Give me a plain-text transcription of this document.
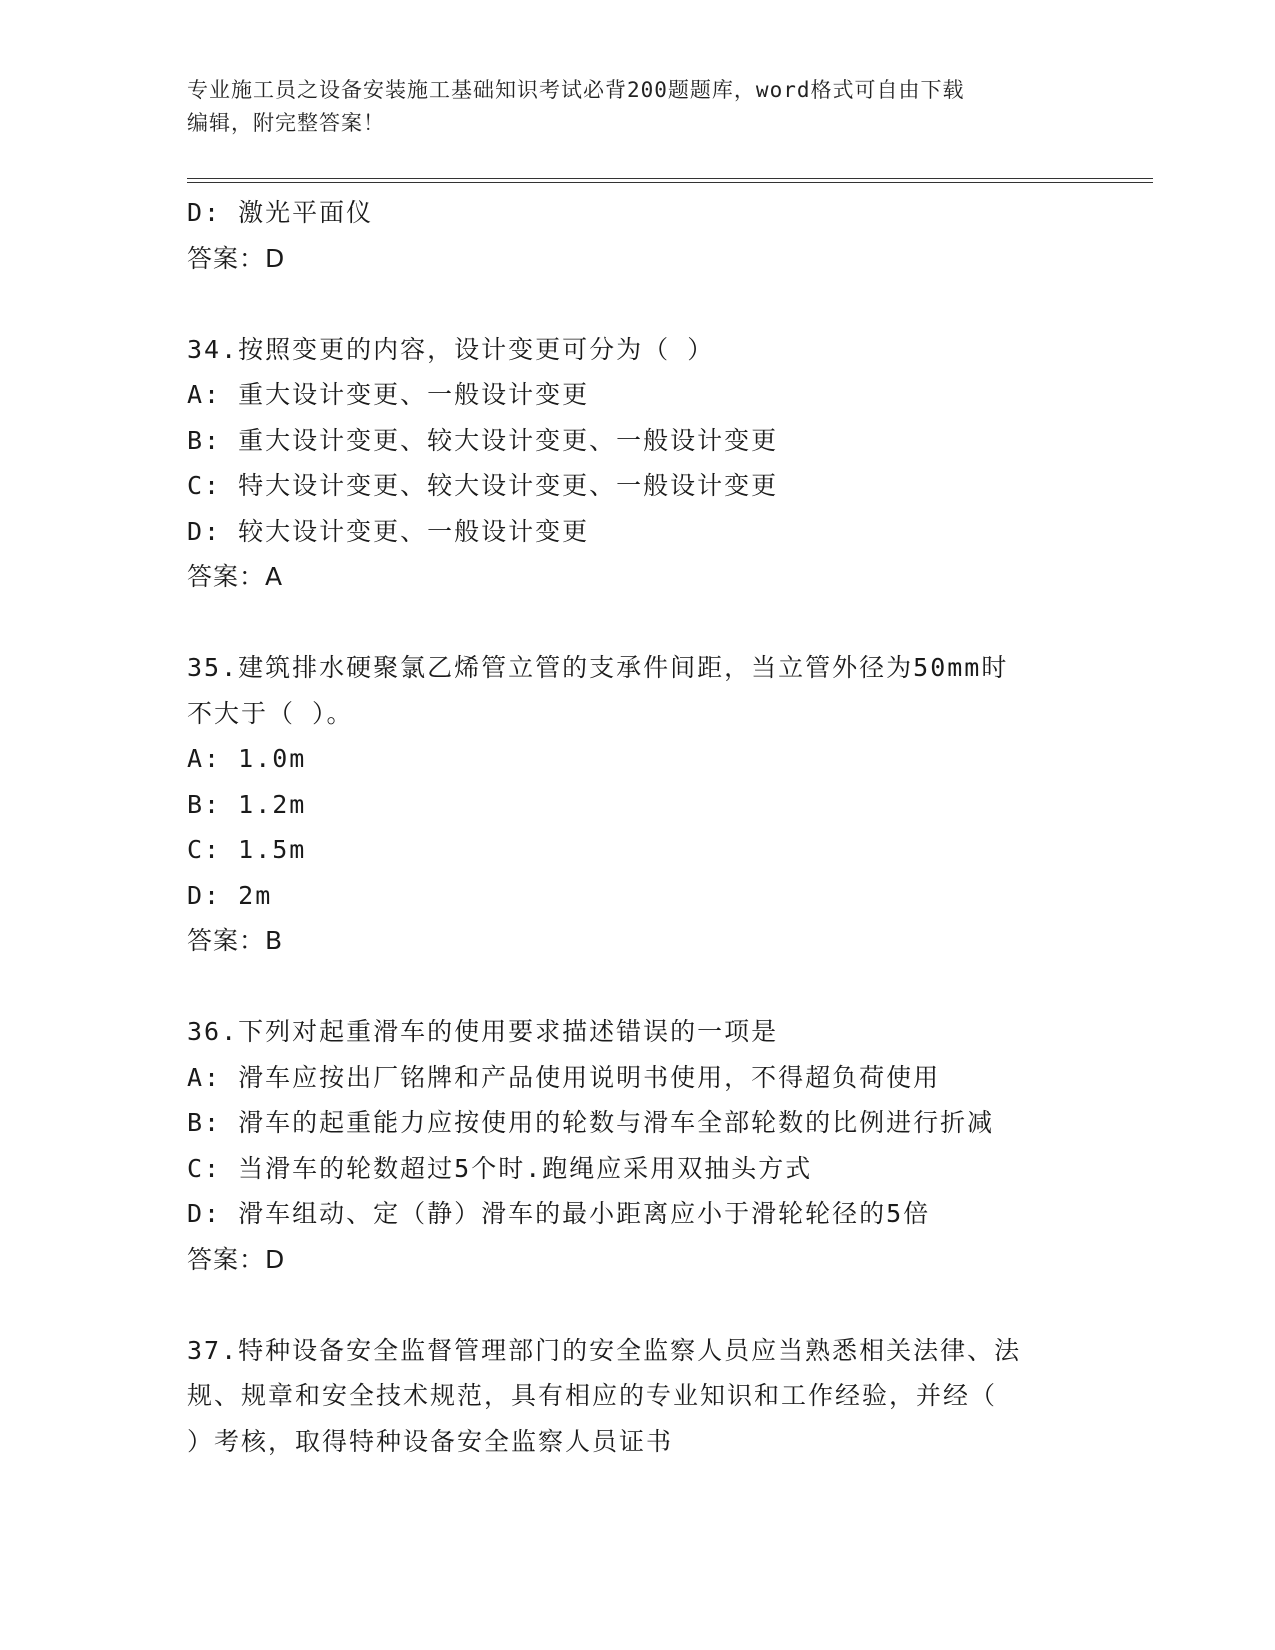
专业施工员之设备安装施工基础知识考试必背200题题库，word格式可自由下载
编辑，附完整答案！
D: 激光平面仪
答案：D
34.按照变更的内容，设计变更可分为（ ）
A: 重大设计变更、一般设计变更
B: 重大设计变更、较大设计变更、一般设计变更
C: 特大设计变更、较大设计变更、一般设计变更
D: 较大设计变更、一般设计变更
答案：A
35.建筑排水硬聚氯乙烯管立管的支承件间距，当立管外径为50mm时
不大于（ ）。
A: 1.0m
B: 1.2m
C: 1.5m
D: 2m
答案：B
36.下列对起重滑车的使用要求描述错误的一项是
A: 滑车应按出厂铭牌和产品使用说明书使用，不得超负荷使用
B: 滑车的起重能力应按使用的轮数与滑车全部轮数的比例进行折减
C: 当滑车的轮数超过5个时.跑绳应采用双抽头方式
D: 滑车组动、定（静）滑车的最小距离应小于滑轮轮径的5倍
答案：D
37.特种设备安全监督管理部门的安全监察人员应当熟悉相关法律、法
规、规章和安全技术规范，具有相应的专业知识和工作经验，并经（
）考核，取得特种设备安全监察人员证书
